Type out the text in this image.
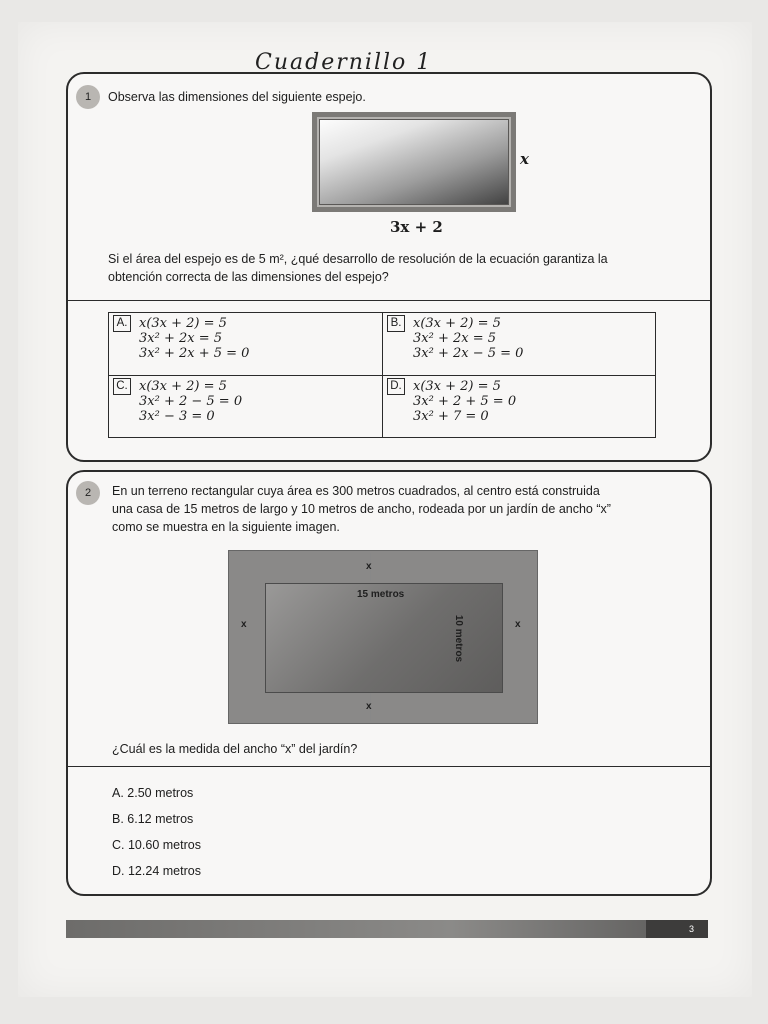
Cuadernillo 1
1	Observa las dimensiones del siguiente espejo.
x
3x + 2
Si el área del espejo es de 5 m², ¿qué desarrollo de resolución de la ecuación garantiza la
obtención correcta de las dimensiones del espejo?
A. x(3x + 2) = 5
3x² + 2x = 5
3x² + 2x + 5 = 0
B. x(3x + 2) = 5
3x² + 2x = 5
3x² + 2x − 5 = 0
C. x(3x + 2) = 5
3x² + 2 − 5 = 0
3x² − 3 = 0
D. x(3x + 2) = 5
3x² + 2 + 5 = 0
3x² + 7 = 0
2	En un terreno rectangular cuya área es 300 metros cuadrados, al centro está construida
una casa de 15 metros de largo y 10 metros de ancho, rodeada por un jardín de ancho “x”
como se muestra en la siguiente imagen.
x
x
x	x
15 metros
10 metros
¿Cuál es la medida del ancho “x” del jardín?
A. 2.50 metros
B. 6.12 metros
C. 10.60 metros
D. 12.24 metros
3
